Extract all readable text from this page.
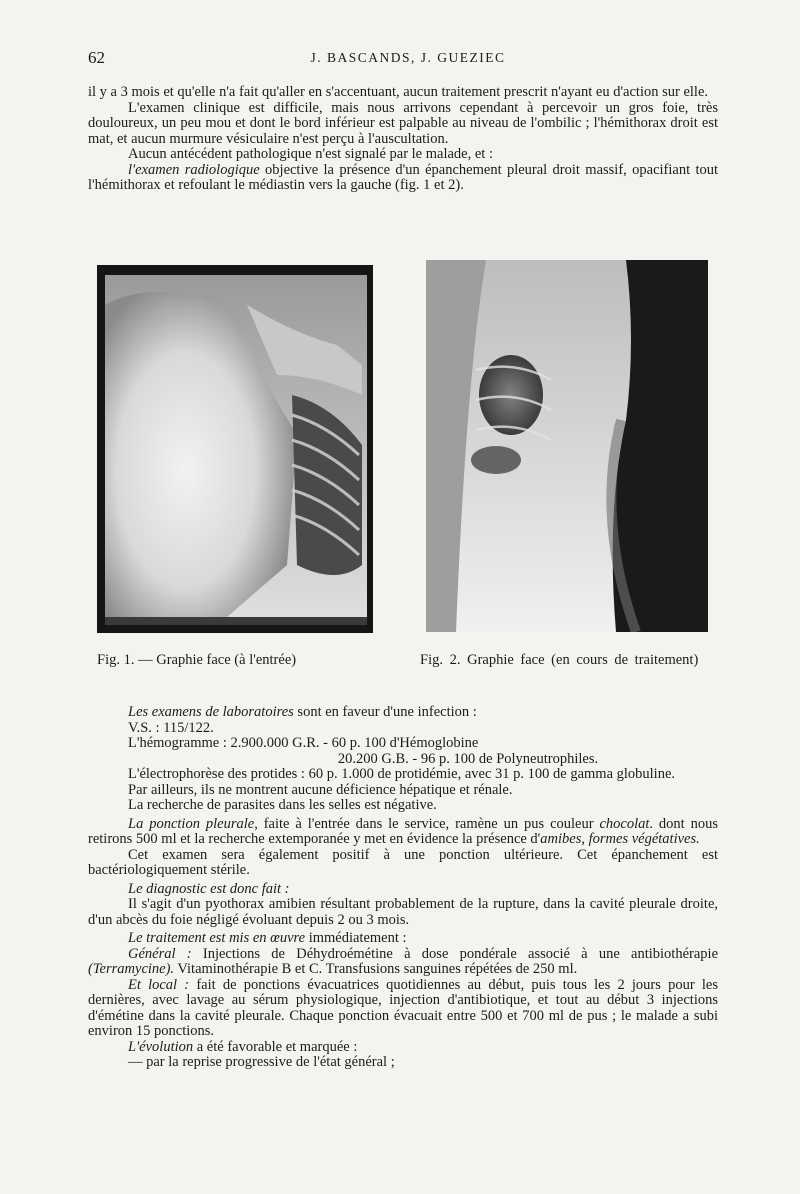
62	J. BASCANDS, J. GUEZIEC

il y a 3 mois et qu'elle n'a fait qu'aller en s'accentuant, aucun traitement prescrit n'ayant eu d'action sur elle.

L'examen clinique est difficile, mais nous arrivons cependant à percevoir un gros foie, très douloureux, un peu mou et dont le bord inférieur est palpable au niveau de l'ombilic ; l'hémithorax droit est mat, et aucun murmure vésiculaire n'est perçu à l'auscultation.

Aucun antécédent pathologique n'est signalé par le malade, et :

l'examen radiologique objective la présence d'un épanchement pleural droit massif, opacifiant tout l'hémithorax et refoulant le médiastin vers la gauche (fig. 1 et 2).

Fig. 1. — Graphie face (à l'entrée)	Fig. 2. Graphie face (en cours de traitement)

Les examens de laboratoires sont en faveur d'une infection :

V.S. : 115/122.

L'hémogramme : 2.900.000 G.R. - 60 p. 100 d'Hémoglobine

20.200 G.B. - 96 p. 100 de Polyneutrophiles.

L'électrophorèse des protides : 60 p. 1.000 de protidémie, avec 31 p. 100 de gamma globuline.

Par ailleurs, ils ne montrent aucune déficience hépatique et rénale.

La recherche de parasites dans les selles est négative.

La ponction pleurale, faite à l'entrée dans le service, ramène un pus couleur chocolat. dont nous retirons 500 ml et la recherche extemporanée y met en évidence la présence d'amibes, formes végétatives.

Cet examen sera également positif à une ponction ultérieure. Cet épanchement est bactériologiquement stérile.

Le diagnostic est donc fait :

Il s'agit d'un pyothorax amibien résultant probablement de la rupture, dans la cavité pleurale droite, d'un abcès du foie négligé évoluant depuis 2 ou 3 mois.

Le traitement est mis en œuvre immédiatement :

Général : Injections de Déhydroémétine à dose pondérale associé à une antibiothérapie (Terramycine). Vitaminothérapie B et C. Transfusions sanguines répétées de 250 ml.

Et local : fait de ponctions évacuatrices quotidiennes au début, puis tous les 2 jours pour les dernières, avec lavage au sérum physiologique, injection d'antibiotique, et tout au début 3 injections d'émétine dans la cavité pleurale. Chaque ponction évacuait entre 500 et 700 ml de pus ; le malade a subi environ 15 ponctions.

L'évolution a été favorable et marquée :

— par la reprise progressive de l'état général ;
